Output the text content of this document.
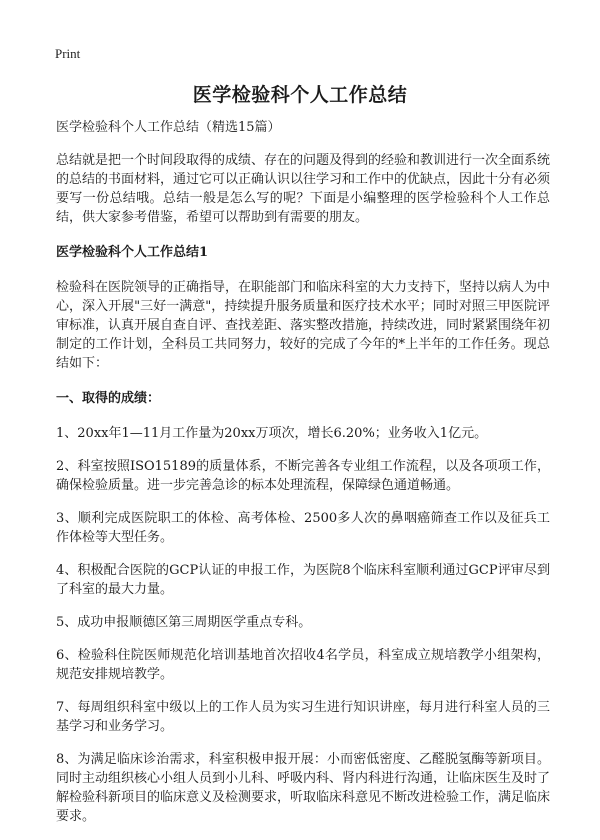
Print
医学检验科个人工作总结

医学检验科个人工作总结（精选15篇）

总结就是把一个时间段取得的成绩、存在的问题及得到的经验和教训进行一次全面系统的总结的书面材料，通过它可以正确认识以往学习和工作中的优缺点，因此十分有必须要写一份总结哦。总结一般是怎么写的呢？下面是小编整理的医学检验科个人工作总结，供大家参考借鉴，希望可以帮助到有需要的朋友。

医学检验科个人工作总结1

检验科在医院领导的正确指导，在职能部门和临床科室的大力支持下，坚持以病人为中心，深入开展"三好一满意"，持续提升服务质量和医疗技术水平；同时对照三甲医院评审标准，认真开展自查自评、查找差距、落实整改措施，持续改进，同时紧紧围绕年初制定的工作计划，全科员工共同努力，较好的完成了今年的*上半年的工作任务。现总结如下：

一、取得的成绩：

1、20xx年1—11月工作量为20xx万项次，增长6.20%；业务收入1亿元。

2、科室按照ISO15189的质量体系，不断完善各专业组工作流程，以及各项项工作，确保检验质量。进一步完善急诊的标本处理流程，保障绿色通道畅通。

3、顺利完成医院职工的体检、高考体检、2500多人次的鼻咽癌筛查工作以及征兵工作体检等大型任务。

4、积极配合医院的GCP认证的申报工作，为医院8个临床科室顺利通过GCP评审尽到了科室的最大力量。

5、成功申报顺德区第三周期医学重点专科。

6、检验科住院医师规范化培训基地首次招收4名学员，科室成立规培教学小组架构，规范安排规培教学。

7、每周组织科室中级以上的工作人员为实习生进行知识讲座，每月进行科室人员的三基学习和业务学习。

8、为满足临床诊治需求，科室积极申报开展：小而密低密度、乙醛脱氢酶等新项目。同时主动组织核心小组人员到小儿科、呼吸内科、肾内科进行沟通，让临床医生及时了解检验科新项目的临床意义及检测要求，听取临床科意见不断改进检验工作，满足临床要求。
